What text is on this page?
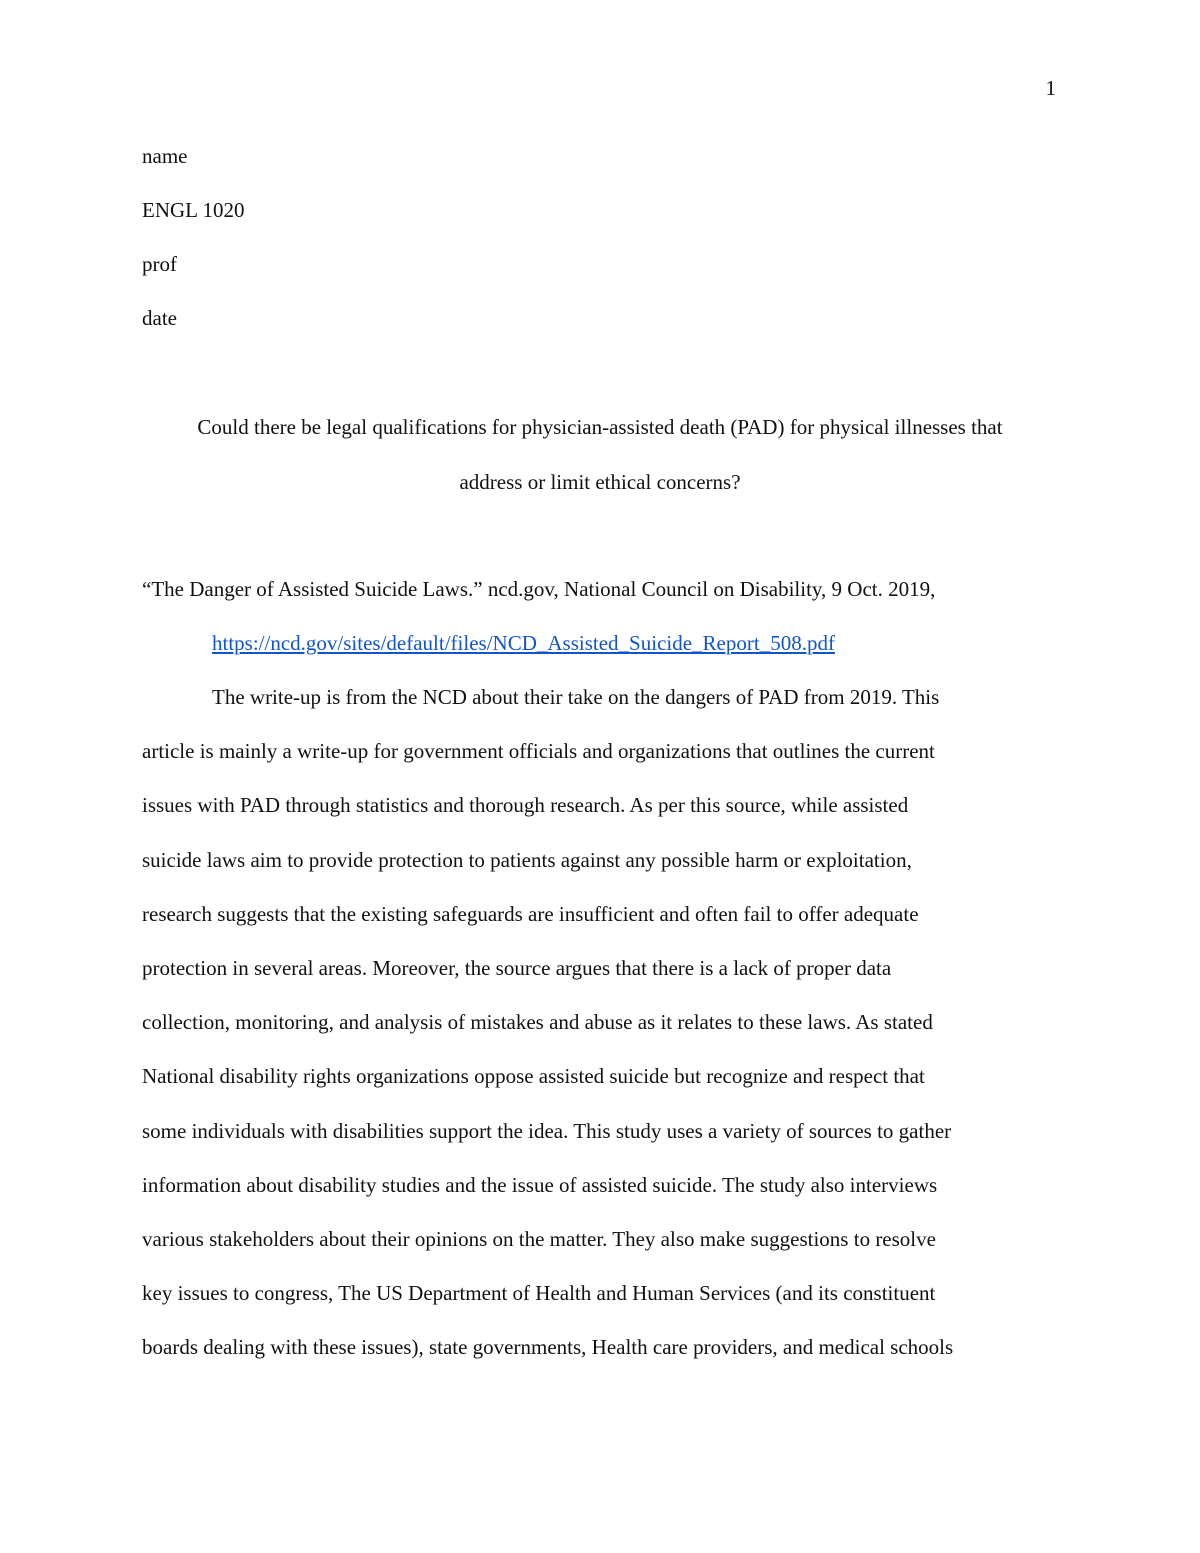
1

name

ENGL 1020

prof

date

Could there be legal qualifications for physician-assisted death (PAD) for physical illnesses that

address or limit ethical concerns?

“The Danger of Assisted Suicide Laws.” ncd.gov, National Council on Disability, 9 Oct. 2019,

https://ncd.gov/sites/default/files/NCD_Assisted_Suicide_Report_508.pdf

The write-up is from the NCD about their take on the dangers of PAD from 2019. This

article is mainly a write-up for government officials and organizations that outlines the current

issues with PAD through statistics and thorough research. As per this source, while assisted

suicide laws aim to provide protection to patients against any possible harm or exploitation,

research suggests that the existing safeguards are insufficient and often fail to offer adequate

protection in several areas. Moreover, the source argues that there is a lack of proper data

collection, monitoring, and analysis of mistakes and abuse as it relates to these laws. As stated

National disability rights organizations oppose assisted suicide but recognize and respect that

some individuals with disabilities support the idea. This study uses a variety of sources to gather

information about disability studies and the issue of assisted suicide. The study also interviews

various stakeholders about their opinions on the matter. They also make suggestions to resolve

key issues to congress, The US Department of Health and Human Services (and its constituent

boards dealing with these issues), state governments, Health care providers, and medical schools
